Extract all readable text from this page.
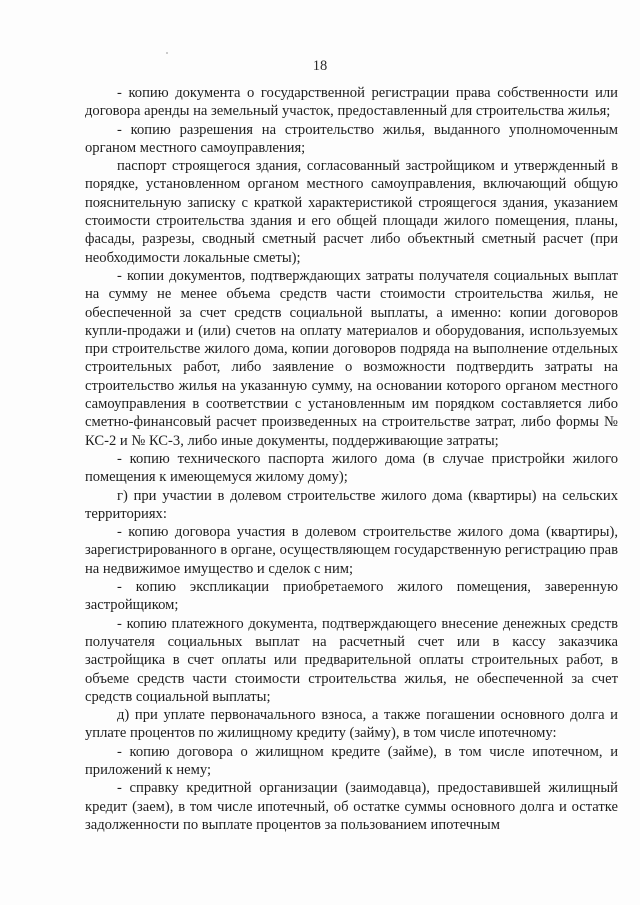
18

- копию документа о государственной регистрации права собственности или договора аренды на земельный участок, предоставленный для строительства жилья;

- копию разрешения на строительство жилья, выданного уполномоченным органом местного самоуправления;

паспорт строящегося здания, согласованный застройщиком и утвержденный в порядке, установленном органом местного самоуправления, включающий общую пояснительную записку с краткой характеристикой строящегося здания, указанием стоимости строительства здания и его общей площади жилого помещения, планы, фасады, разрезы, сводный сметный расчет либо объектный сметный расчет (при необходимости локальные сметы);

- копии документов, подтверждающих затраты получателя социальных выплат на сумму не менее объема средств части стоимости строительства жилья, не обеспеченной за счет средств социальной выплаты, а именно: копии договоров купли-продажи и (или) счетов на оплату материалов и оборудования, используемых при строительстве жилого дома, копии договоров подряда на выполнение отдельных строительных работ, либо заявление о возможности подтвердить затраты на строительство жилья на указанную сумму, на основании которого органом местного самоуправления в соответствии с установленным им порядком составляется либо сметно-финансовый расчет произведенных на строительстве затрат, либо формы № КС-2 и № КС-3, либо иные документы, поддерживающие затраты;

- копию технического паспорта жилого дома (в случае пристройки жилого помещения к имеющемуся жилому дому);

г) при участии в долевом строительстве жилого дома (квартиры) на сельских территориях:

- копию договора участия в долевом строительстве жилого дома (квартиры), зарегистрированного в органе, осуществляющем государственную регистрацию прав на недвижимое имущество и сделок с ним;

- копию экспликации приобретаемого жилого помещения, заверенную застройщиком;

- копию платежного документа, подтверждающего внесение денежных средств получателя социальных выплат на расчетный счет или в кассу заказчика застройщика в счет оплаты или предварительной оплаты строительных работ, в объеме средств части стоимости строительства жилья, не обеспеченной за счет средств социальной выплаты;

д) при уплате первоначального взноса, а также погашении основного долга и уплате процентов по жилищному кредиту (займу), в том числе ипотечному:

- копию договора о жилищном кредите (займе), в том числе ипотечном, и приложений к нему;

- справку кредитной организации (заимодавца), предоставившей жилищный кредит (заем), в том числе ипотечный, об остатке суммы основного долга и остатке задолженности по выплате процентов за пользованием ипотечным
